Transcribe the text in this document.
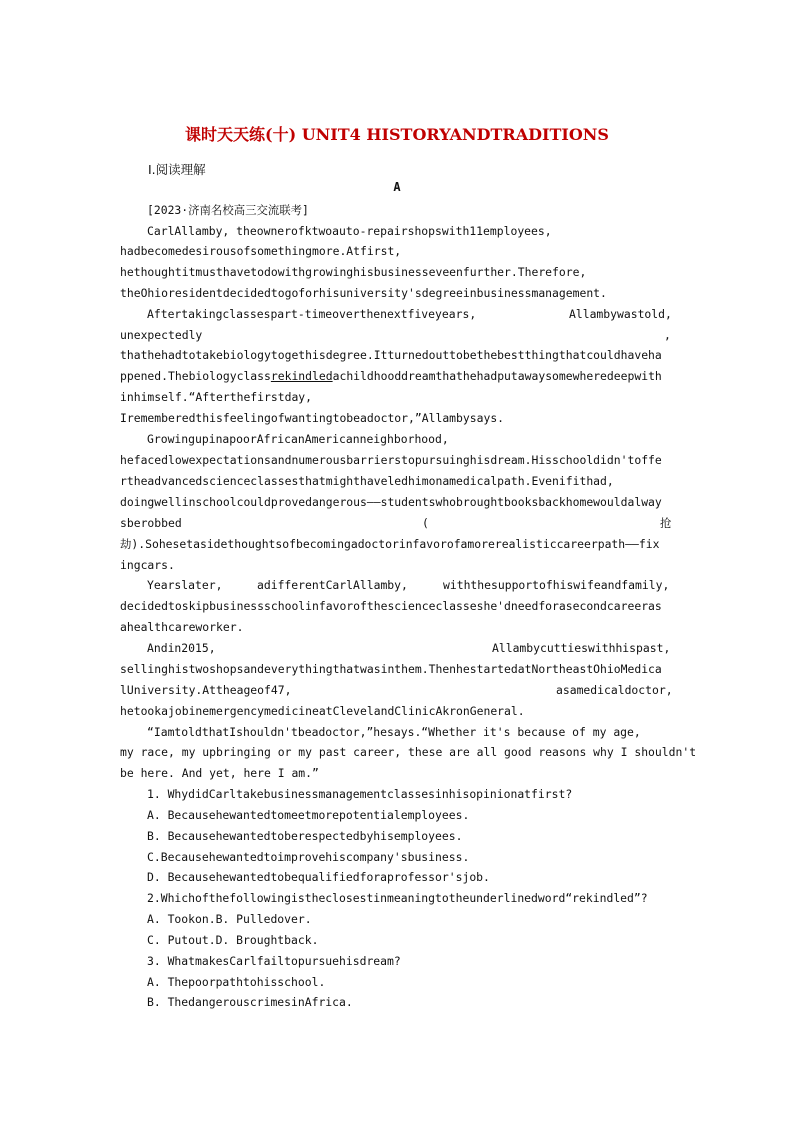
课时天天练(十) UNIT4 HISTORYANDTRADITIONS
Ⅰ.阅读理解
A
[2023·济南名校高三交流联考]
CarlAllamby, theownerofktwoauto-repairshopswith11employees,
hadbecomedesirousofsomethingmore.Atfirst,
hethoughtitmusthavetodowithgrowinghisbusinesseveenfurther.Therefore,
theOhioresidentdecidedtogoforhisuniversity'sdegreeinbusinessmanagement.
Aftertakingclassespart-timeoverthenextfiveyears,	Allambywastold,
unexpectedly	,
thathehadtotakebiologytogethisdegree.Itturnedouttobethebestthingthatcouldhaveha
ppened.Thebiologyclassrekindledachildhooddreamthathehadputawaysomewheredeepwith
inhimself.“Afterthefirstday,
Irememberedthisfeelingofwantingtobeadoctor,”Allambysays.
GrowingupinapoorAfricanAmericanneighborhood,
hefacedlowexpectationsandnumerousbarrierstopursuinghisdream.Hisschooldidn'toffe
rtheadvancedscienceclassesthatmighthaveledhimonamedicalpath.Evenifithad,
doingwellinschoolcouldprovedangerous——studentswhobroughtbooksbackhomewouldalway
sberobbed	(	抢
劫).Sohesetasidethoughtsofbecomingadoctorinfavorofamorerealisticcareerpath——fix
ingcars.
Yearslater,	adifferentCarlAllamby,	withthesupportofhiswifeandfamily,
decidedtoskipbusinessschoolinfavorofthescienceclasseshe'dneedforasecondcareeras
ahealthcareworker.
Andin2015,	Allambycuttieswithhispast,
sellinghistwoshopsandeverythingthatwasinthem.ThenhestartedatNortheastOhioMedica
lUniversity.Attheageof47,	asamedicaldoctor,
hetookajobinemergencymedicineatClevelandClinicAkronGeneral.
“IamtoldthatIshouldn'tbeadoctor,”hesays.“Whether it's because of my age,
my race, my upbringing or my past career, these are all good reasons why I shouldn't
be here. And yet, here I am.”
1. WhydidCarltakebusinessmanagementclassesinhisopinionatfirst?
A. Becausehewantedtomeetmorepotentialemployees.
B. Becausehewantedtoberespectedbyhisemployees.
C.Becausehewantedtoimprovehiscompany'sbusiness.
D. Becausehewantedtobequalifiedforaprofessor'sjob.
2.Whichofthefollowingistheclosestinmeaningtotheunderlinedword“rekindled”?
A. Tookon.B. Pulledover.
C. Putout.D. Broughtback.
3. WhatmakesCarlfailtopursuehisdream?
A. Thepoorpathtohisschool.
B. ThedangerouscrimesinAfrica.
